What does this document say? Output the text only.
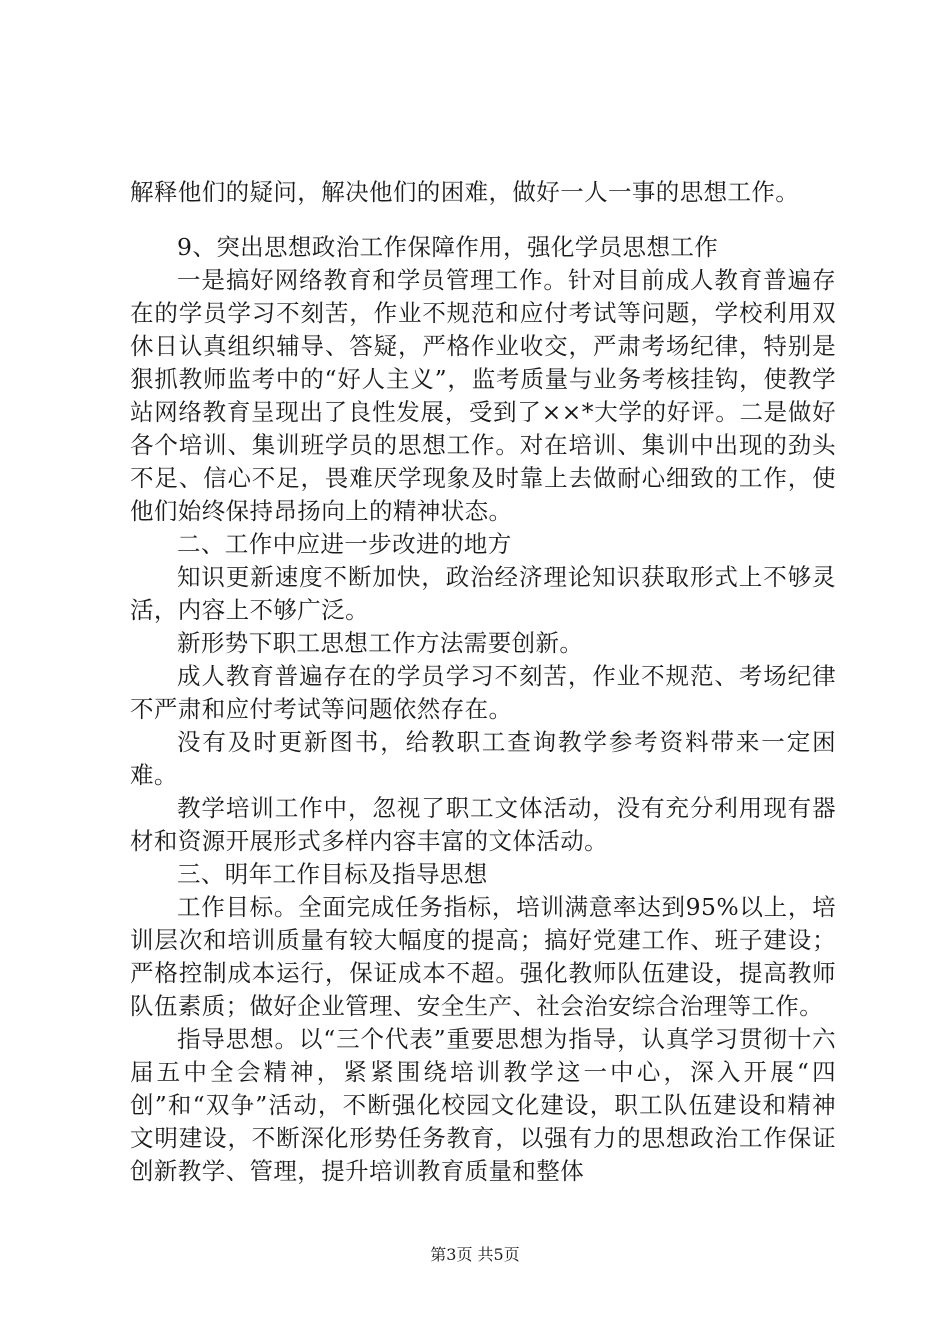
解释他们的疑问，解决他们的困难，做好一人一事的思想工作。

9、突出思想政治工作保障作用，强化学员思想工作

一是搞好网络教育和学员管理工作。针对目前成人教育普遍存在的学员学习不刻苦，作业不规范和应付考试等问题，学校利用双休日认真组织辅导、答疑，严格作业收交，严肃考场纪律，特别是狠抓教师监考中的“好人主义”，监考质量与业务考核挂钩，使教学站网络教育呈现出了良性发展，受到了××*大学的好评。二是做好各个培训、集训班学员的思想工作。对在培训、集训中出现的劲头不足、信心不足，畏难厌学现象及时靠上去做耐心细致的工作，使他们始终保持昂扬向上的精神状态。

二、工作中应进一步改进的地方

知识更新速度不断加快，政治经济理论知识获取形式上不够灵活，内容上不够广泛。

新形势下职工思想工作方法需要创新。

成人教育普遍存在的学员学习不刻苦，作业不规范、考场纪律不严肃和应付考试等问题依然存在。

没有及时更新图书，给教职工查询教学参考资料带来一定困难。

教学培训工作中，忽视了职工文体活动，没有充分利用现有器材和资源开展形式多样内容丰富的文体活动。

三、明年工作目标及指导思想

工作目标。全面完成任务指标，培训满意率达到95%以上，培训层次和培训质量有较大幅度的提高；搞好党建工作、班子建设；严格控制成本运行，保证成本不超。强化教师队伍建设，提高教师队伍素质；做好企业管理、安全生产、社会治安综合治理等工作。

指导思想。以“三个代表”重要思想为指导，认真学习贯彻十六届五中全会精神，紧紧围绕培训教学这一中心，深入开展“四创”和“双争”活动，不断强化校园文化建设，职工队伍建设和精神文明建设，不断深化形势任务教育，以强有力的思想政治工作保证创新教学、管理，提升培训教育质量和整体

第3页 共5页
